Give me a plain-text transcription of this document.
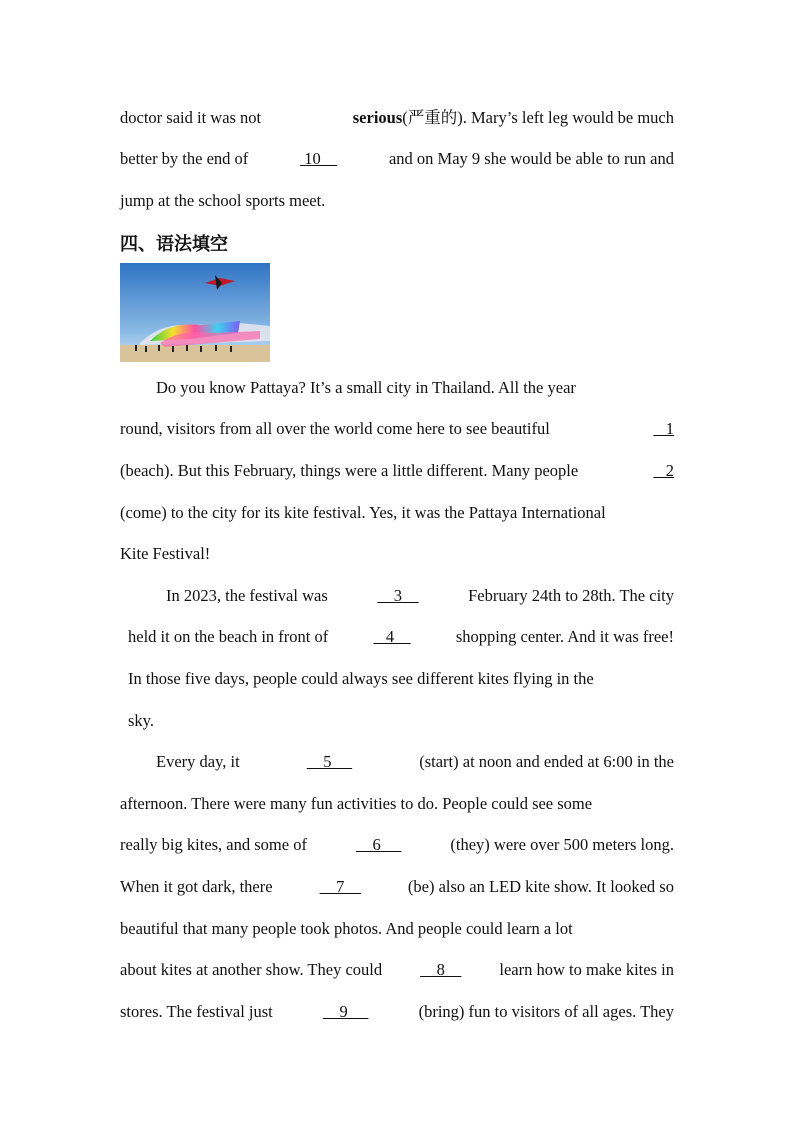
doctor said it was not	serious(严重的). Mary’s left leg would be much
better by the end of	10	and on May 9 she would be able to run and
jump at the school sports meet.
四、语法填空
Do you know Pattaya? It’s a small city in Thailand. All the year
round, visitors from all over the world come here to see beautiful	1
(beach). But this February, things were a little different. Many people	2
(come) to the city for its kite festival. Yes, it was the Pattaya International
Kite Festival!
In 2023, the festival was	3	February 24th to 28th. The city
held it on the beach in front of	4	shopping center. And it was free!
In those five days, people could always see different kites flying in the
sky.
Every day, it	5	(start) at noon and ended at 6:00 in the
afternoon. There were many fun activities to do. People could see some
really big kites, and some of	6	(they) were over 500 meters long.
When it got dark, there	7	(be) also an LED kite show. It looked so
beautiful that many people took photos. And people could learn a lot
about kites at another show. They could 8 learn how to make kites in
stores. The festival just	9	(bring) fun to visitors of all ages. They
